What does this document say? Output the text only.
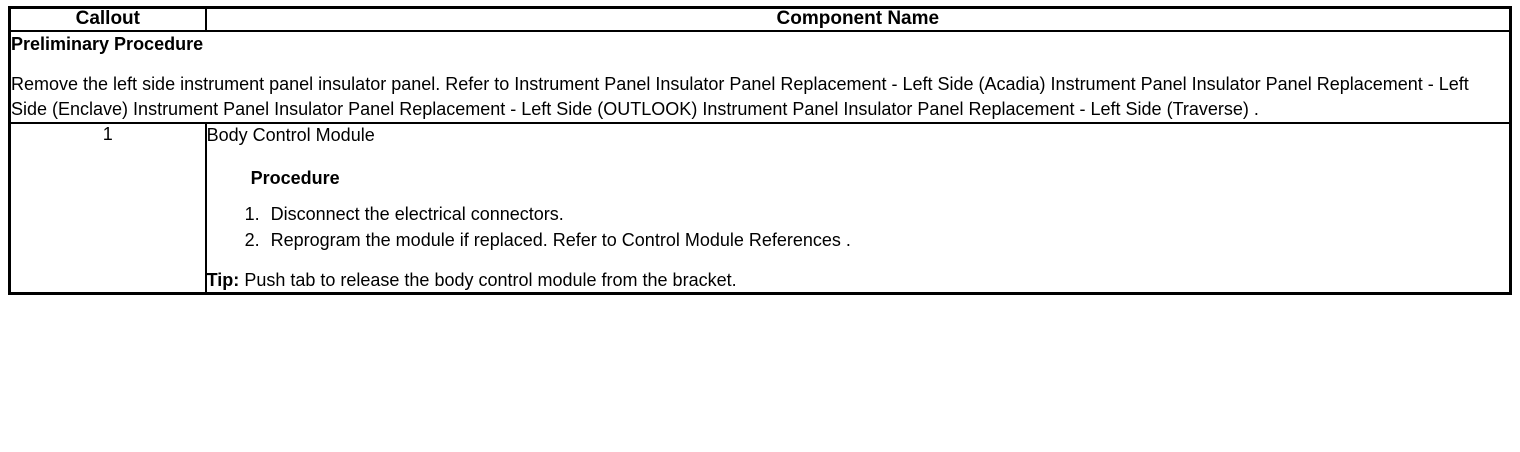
Callout	Component Name

Preliminary Procedure

Remove the left side instrument panel insulator panel. Refer to Instrument Panel Insulator Panel Replacement - Left Side (Acadia) Instrument Panel Insulator Panel Replacement - Left Side (Enclave) Instrument Panel Insulator Panel Replacement - Left Side (OUTLOOK) Instrument Panel Insulator Panel Replacement - Left Side (Traverse) .	

1	Body Control Module

Procedure

1. Disconnect the electrical connectors.
2. Reprogram the module if replaced. Refer to Control Module References .

Tip: Push tab to release the body control module from the bracket.
